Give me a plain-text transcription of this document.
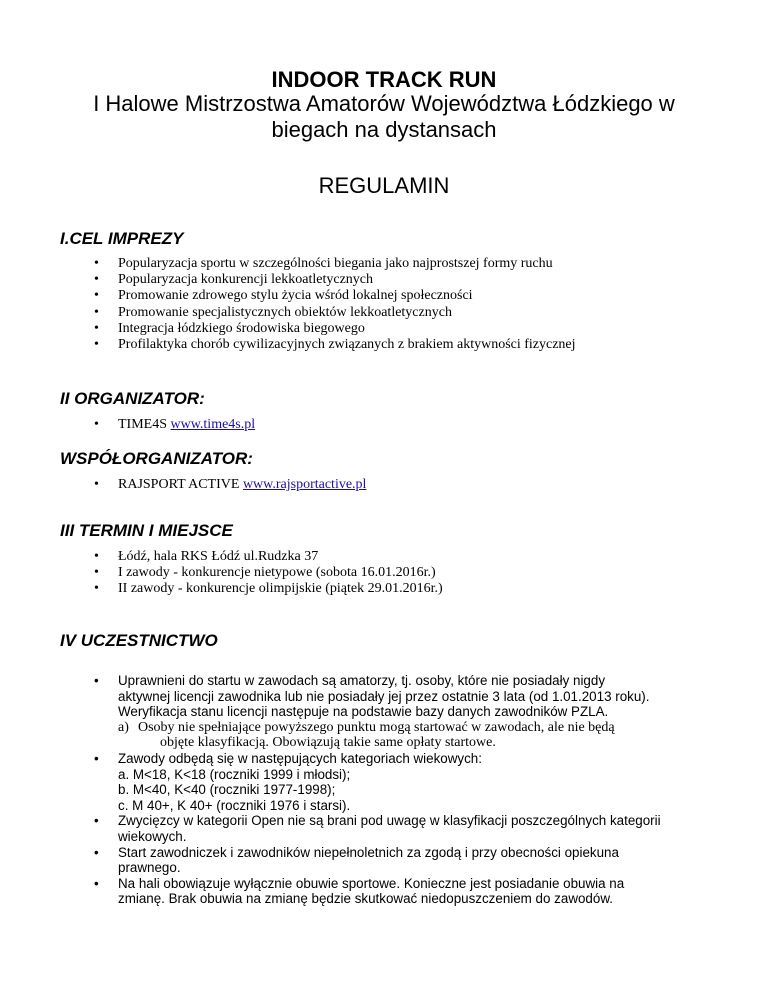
INDOOR TRACK RUN
I Halowe Mistrzostwa Amatorów Województwa Łódzkiego w
biegach na dystansach
REGULAMIN
I.CEL IMPREZY
• Popularyzacja sportu w szczególności biegania jako najprostszej formy ruchu
• Popularyzacja konkurencji lekkoatletycznych
• Promowanie zdrowego stylu życia wśród lokalnej społeczności
• Promowanie specjalistycznych obiektów lekkoatletycznych
• Integracja łódzkiego środowiska biegowego
• Profilaktyka chorób cywilizacyjnych związanych z brakiem aktywności fizycznej
II ORGANIZATOR:
• TIME4S www.time4s.pl
WSPÓŁORGANIZATOR:
• RAJSPORT ACTIVE www.rajsportactive.pl
III TERMIN I MIEJSCE
• Łódź, hala RKS Łódź ul.Rudzka 37
• I zawody - konkurencje nietypowe (sobota 16.01.2016r.)
• II zawody - konkurencje olimpijskie (piątek 29.01.2016r.)
IV UCZESTNICTWO
• Uprawnieni do startu w zawodach są amatorzy, tj. osoby, które nie posiadały nigdy
aktywnej licencji zawodnika lub nie posiadały jej przez ostatnie 3 lata (od 1.01.2013 roku).
Weryfikacja stanu licencji następuje na podstawie bazy danych zawodników PZLA.
a) Osoby nie spełniające powyższego punktu mogą startować w zawodach, ale nie będą
objęte klasyfikacją. Obowiązują takie same opłaty startowe.
• Zawody odbędą się w następujących kategoriach wiekowych:
a. M<18, K<18 (roczniki 1999 i młodsi);
b. M<40, K<40 (roczniki 1977-1998);
c. M 40+, K 40+ (roczniki 1976 i starsi).
• Zwycięzcy w kategorii Open nie są brani pod uwagę w klasyfikacji poszczególnych kategorii
wiekowych.
• Start zawodniczek i zawodników niepełnoletnich za zgodą i przy obecności opiekuna
prawnego.
• Na hali obowiązuje wyłącznie obuwie sportowe. Konieczne jest posiadanie obuwia na
zmianę. Brak obuwia na zmianę będzie skutkować niedopuszczeniem do zawodów.
